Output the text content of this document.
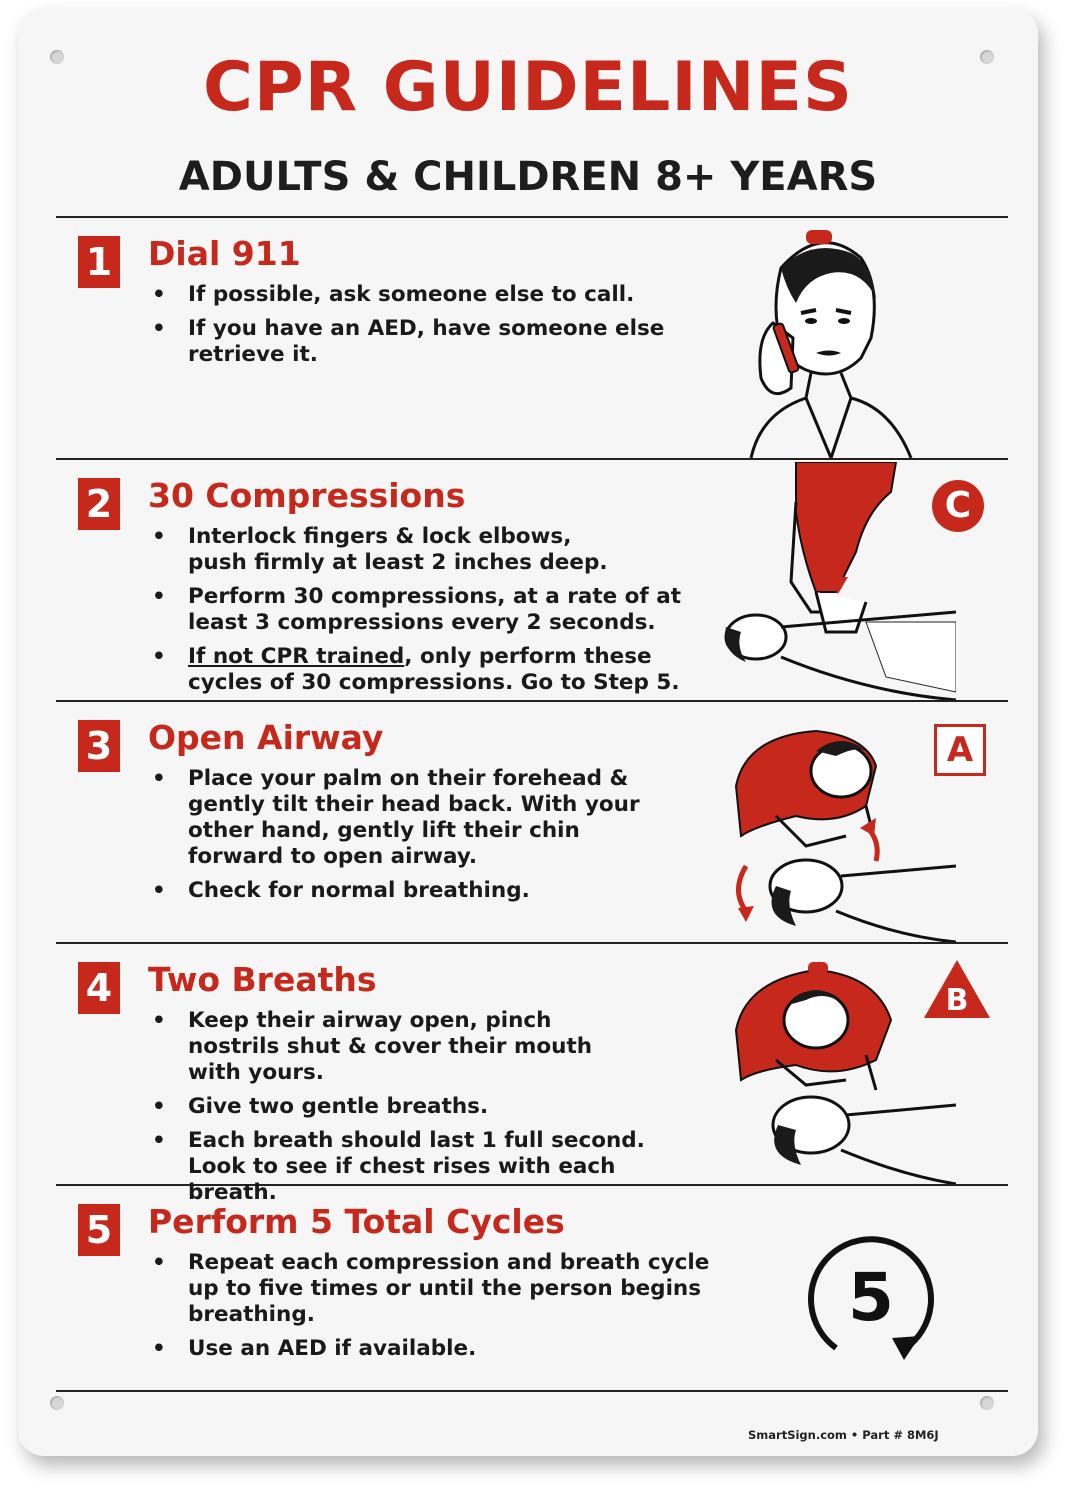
CPR GUIDELINES
ADULTS & CHILDREN 8+ YEARS
1 Dial 911
• If possible, ask someone else to call.
• If you have an AED, have someone else retrieve it.
2 30 Compressions
• Interlock fingers & lock elbows, push firmly at least 2 inches deep.
• Perform 30 compressions, at a rate of at least 3 compressions every 2 seconds.
• If not CPR trained, only perform these cycles of 30 compressions. Go to Step 5.
C
3 Open Airway
• Place your palm on their forehead & gently tilt their head back. With your other hand, gently lift their chin forward to open airway.
• Check for normal breathing.
A
4 Two Breaths
• Keep their airway open, pinch nostrils shut & cover their mouth with yours.
• Give two gentle breaths.
• Each breath should last 1 full second. Look to see if chest rises with each breath.
B
5 Perform 5 Total Cycles
• Repeat each compression and breath cycle up to five times or until the person begins breathing.
• Use an AED if available.
5
SmartSign.com • Part # 8M6J
